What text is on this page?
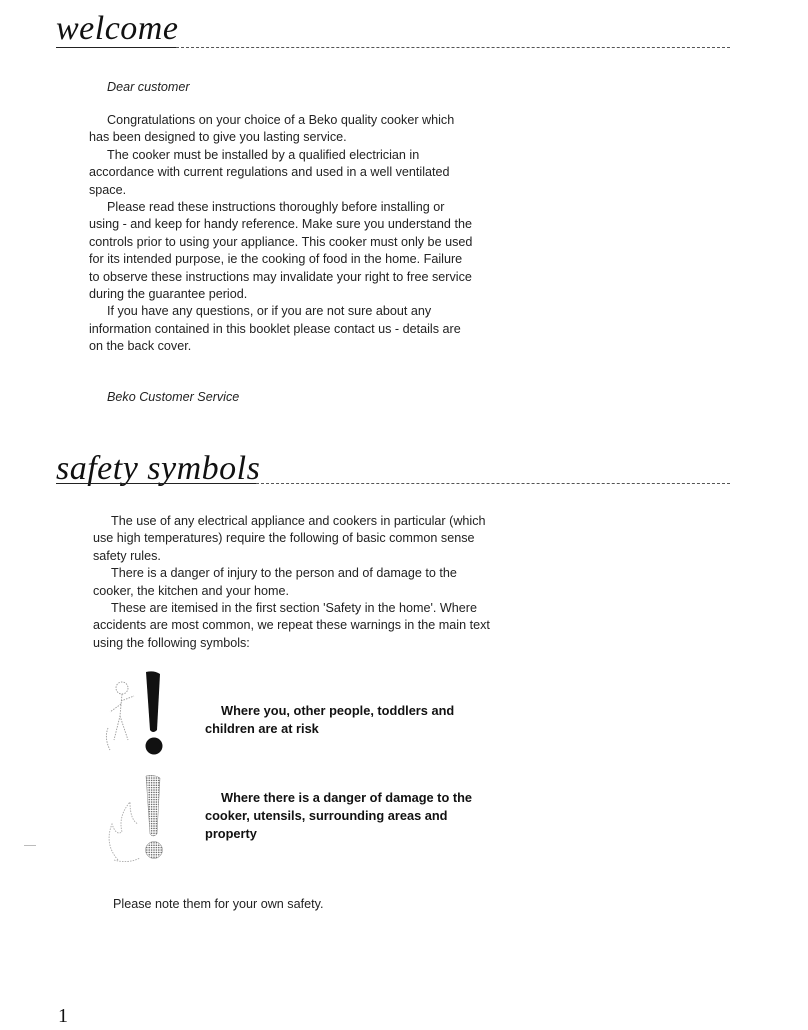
welcome
Dear customer

Congratulations on your choice of a Beko quality cooker which has been designed to give you lasting service.

The cooker must be installed by a qualified electrician in accordance with current regulations and used in a well ventilated space.

Please read these instructions thoroughly before installing or using - and keep for handy reference. Make sure you understand the controls prior to using your appliance. This cooker must only be used for its intended purpose, ie the cooking of food in the home. Failure to observe these instructions may invalidate your right to free service during the guarantee period.

If you have any questions, or if you are not sure about any information contained in this booklet please contact us - details are on the back cover.

Beko Customer Service
safety symbols

The use of any electrical appliance and cookers in particular (which use high temperatures) require the following of basic common sense safety rules.

There is a danger of injury to the person and of damage to the cooker, the kitchen and your home.

These are itemised in the first section 'Safety in the home'. Where accidents are most common, we repeat these warnings in the main text using the following symbols:

Where you, other people, toddlers and children are at risk
Where there is a danger of damage to the cooker, utensils, surrounding areas and property
Please note them for your own safety.
1
